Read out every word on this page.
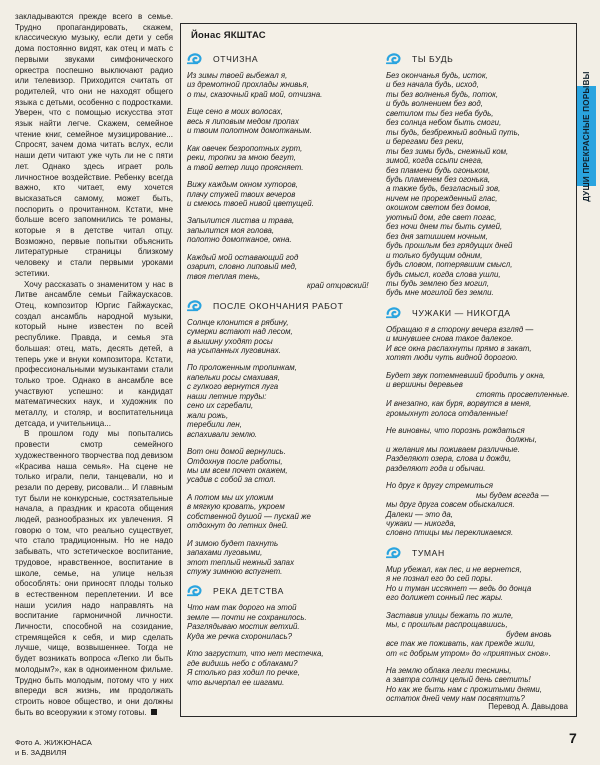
закладываются прежде всего в семье. Трудно пропагандировать, скажем, классическую музыку, если дети у себя дома постоянно видят, как отец и мать с первыми звуками симфонического оркестра поспешно выключают радио или телевизор. Приходится считать от родителей, что они не находят общего языка с детьми, особенно с подростками. Уверен, что с помощью искусства этот язык найти легче. Скажем, семейное чтение книг, семейное музицирование... Спросят, зачем дома читать вслух, если наши дети читают уже чуть ли не с пяти лет. Однако здесь играет роль личностное воздействие. Ребенку всегда важно, кто читает, ему хочется высказаться самому, может быть, поспорить о прочитанном. Кстати, мне больше всего запомнились те романы, которые я в детстве читал отцу. Возможно, первые попытки объяснить литературные страницы близкому человеку и стали первыми уроками эстетики.

Хочу рассказать о знаменитом у нас в Литве ансамбле семьи Гайжаускасов. Отец, композитор Юргис Гайжаускас, создал ансамбль народной музыки, который ныне известен по всей республике. Правда, и семья эта большая: отец, мать, десять детей, а теперь уже и внуки композитора. Кстати, профессиональными музыкантами стали только трое. Однако в ансамбле все участвуют успешно: и кандидат математических наук, и художник по металлу, и столяр, и воспитательница детсада, и учительница...

В прошлом году мы попытались провести смотр семейного художественного творчества под девизом «Красива наша семья». На сцене не только играли, пели, танцевали, но и резали по дереву, рисовали... И главным тут были не конкурсные, состязательные начала, а праздник и красота общения людей, разнообразных их увлечения. Я говорю о том, что реально существует, что стало традиционным. Но не надо забывать, что эстетическое воспитание, трудовое, нравственное, воспитание в школе, семье, на улице нельзя обособлять: они приносят плоды только в естественном переплетении. И все наши усилия надо направлять на воспитание гармоничной личности. Личности, способной на созидание, стремящейся к себя, и мир сделать лучше, чище, возвышеннее. Тогда не будет возникать вопроса «Легко ли быть молодым?», как в одноименном фильме. Трудно быть молодым, потому что у них впереди вся жизнь, им продолжать строить новое общество, и они должны быть во всеоружии к этому готовы.

Фото А. ЖИЖЮНАСА
и Б. ЗАДВИЛЯ
Йонас ЯКШТАС
ОТЧИЗНА
Из зимы твоей выбежал я,
из дремотной прохлады жнивья,
о ты, сказочный край мой, отчизна.
Еще сено в моих волосах,
весь я липовым медом пропах
и твоим полотном домотканым.
Как овечек безропотных гурт,
реки, тропки за мною бегут,
а твой ветер лицо проясняет.
Вижу каждым окном хуторов,
плачу стужей твоих вечеров
и смеюсь твоей нивой цветущей.
Запылится листва и трава,
запылится моя голова,
полотно домотканое, окна.
Каждый мой оставающий год
озарит, словно липовый мед,
твоя теплая тень,
край отцовский!
ПОСЛЕ ОКОНЧАНИЯ РАБОТ
Солнце клонится в рябину,
сумерки встают над лесом,
в вышину уходят росы
на усыпанных луговинах.
По проложенным тропинкам,
капельки росы смахивая,
с гулкого вернутся луга
наши летние труды:
сено их сгребали,
жали рожь,
теребили лен,
вспахивали землю.
Вот они домой вернулись.
Отдохнув после работы,
мы им всем почет окажем,
усадив с собой за стол.
А потом мы их уложим
в мягкую кровать, укроем
собственной душой — пускай же
отдохнут до летних дней.
И зимою будет пахнуть
запахами луговыми,
этот теплый нежный запах
стужу зимнюю вспугнет.
РЕКА ДЕТСТВА
Что нам так дорого на этой
земле — почти не сохранилось.
Разглядываю мостик ветхий.
Куда же речка схоронилась?
Кто загрустит, что нет местечка,
где видишь небо с облаками?
Я столько раз ходил по речке,
что вычерпал ее шагами.
ТЫ БУДЬ
Без окончанья будь, исток,
и без начала будь, исход,
ты без волненья будь, поток,
и будь волнением без вод,
светилом ты без неба будь,
без солнца небом быть смоги,
ты будь, безбрежный водный путь,
и берегами без реки,
ты без зимы будь, снежный ком,
зимой, когда ссыпи снега,
без пламени будь огоньком,
будь пламенем без огонька,
а также будь, безгласный зов,
ничем не прорежденный глас,
окошком светом без домов,
уютный дом, где свет погас,
без ночи днем ты быть сумей,
без дня затишием ночным,
будь прошлым без грядущих дней
и только будущим одним,
будь словом, потерявшим смысл,
будь смысл, когда слова ушли,
ты будь землею без могил,
будь мне могилой без земли.
ЧУЖАКИ — НИКОГДА
Обращаю я в сторону вечера взгляд —
и минувшее снова такое далекое.
И все окна распахнуты прямо в закат,
хотят люди чуть видной дорогою.
Будет звук потемневший бродить у окна,
и вершины деревьев
стоять просветленные.
И внезапно, как буря, ворвутся в меня,
громыхнут голоса отдаленные!
Не виновны, что порознь рождаться
должны,
и желания мы поживаем различные.
Разделяют озера, слова и дожди,
разделяют года и обычаи.
Но друг к другу стремиться
мы будем всегда —
мы друг друга совсем обыскалися.
Далеки — это да,
чужаки — никогда,
словно птицы мы перекликаемся.
ТУМАН
Мир убежал, как пес, и не вернется,
я не познал его до сей поры.
Но и туман иссякнет — ведь до донца
его долижет сонный пес жары.
Заставив улицы бежать по жиле,
мы, с прошлым распрощавшись,
будем вновь
все так же поживать, как прежде жили,
от «с добрым утром» до «приятных снов».
На землю облака легли теснины,
а завтра солнцу целый день светить!
Но как же быть нам с прожитыми днями,
остаток дней чему нам посвятить?
Перевод А. Давыдова
ДУШИ ПРЕКРАСНЫЕ ПОРЫВЫ
7
